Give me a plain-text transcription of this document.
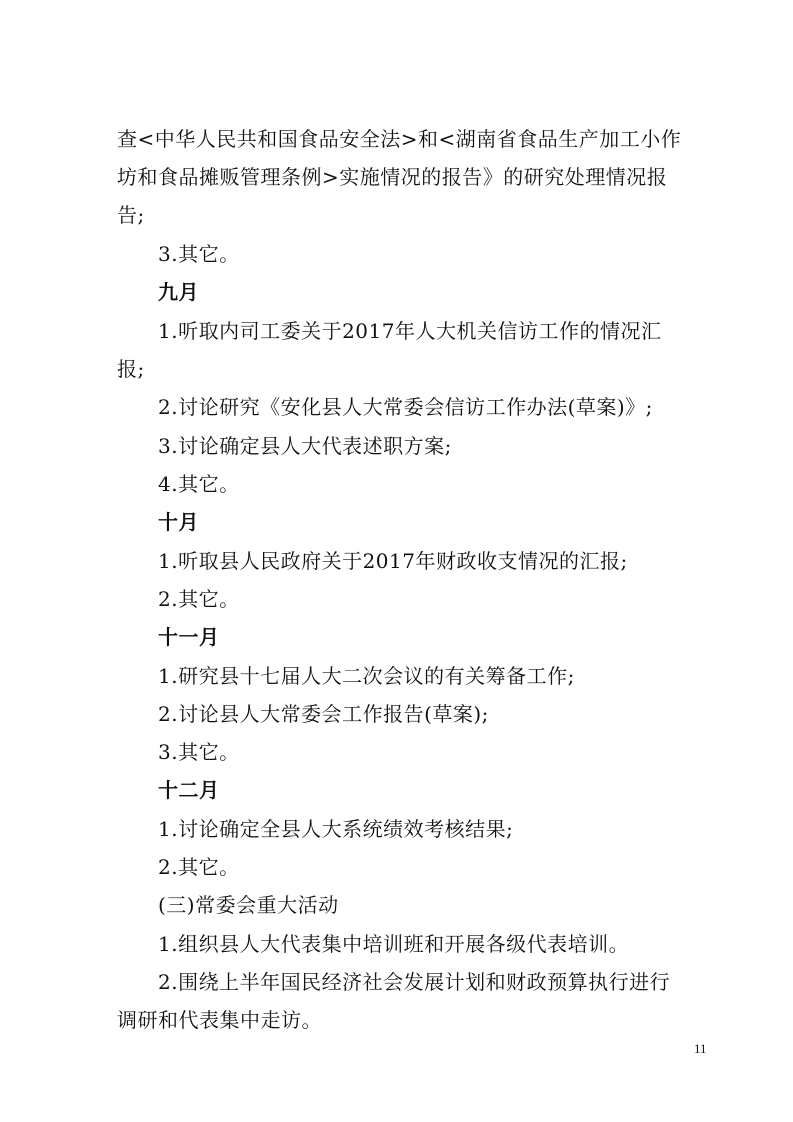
查<中华人民共和国食品安全法>和<湖南省食品生产加工小作
坊和食品摊贩管理条例>实施情况的报告》的研究处理情况报
告;
3.其它。
九月
1.听取内司工委关于2017年人大机关信访工作的情况汇
报;
2.讨论研究《安化县人大常委会信访工作办法(草案)》;
3.讨论确定县人大代表述职方案;
4.其它。
十月
1.听取县人民政府关于2017年财政收支情况的汇报;
2.其它。
十一月
1.研究县十七届人大二次会议的有关筹备工作;
2.讨论县人大常委会工作报告(草案);
3.其它。
十二月
1.讨论确定全县人大系统绩效考核结果;
2.其它。
(三)常委会重大活动
1.组织县人大代表集中培训班和开展各级代表培训。
2.围绕上半年国民经济社会发展计划和财政预算执行进行
调研和代表集中走访。
11
